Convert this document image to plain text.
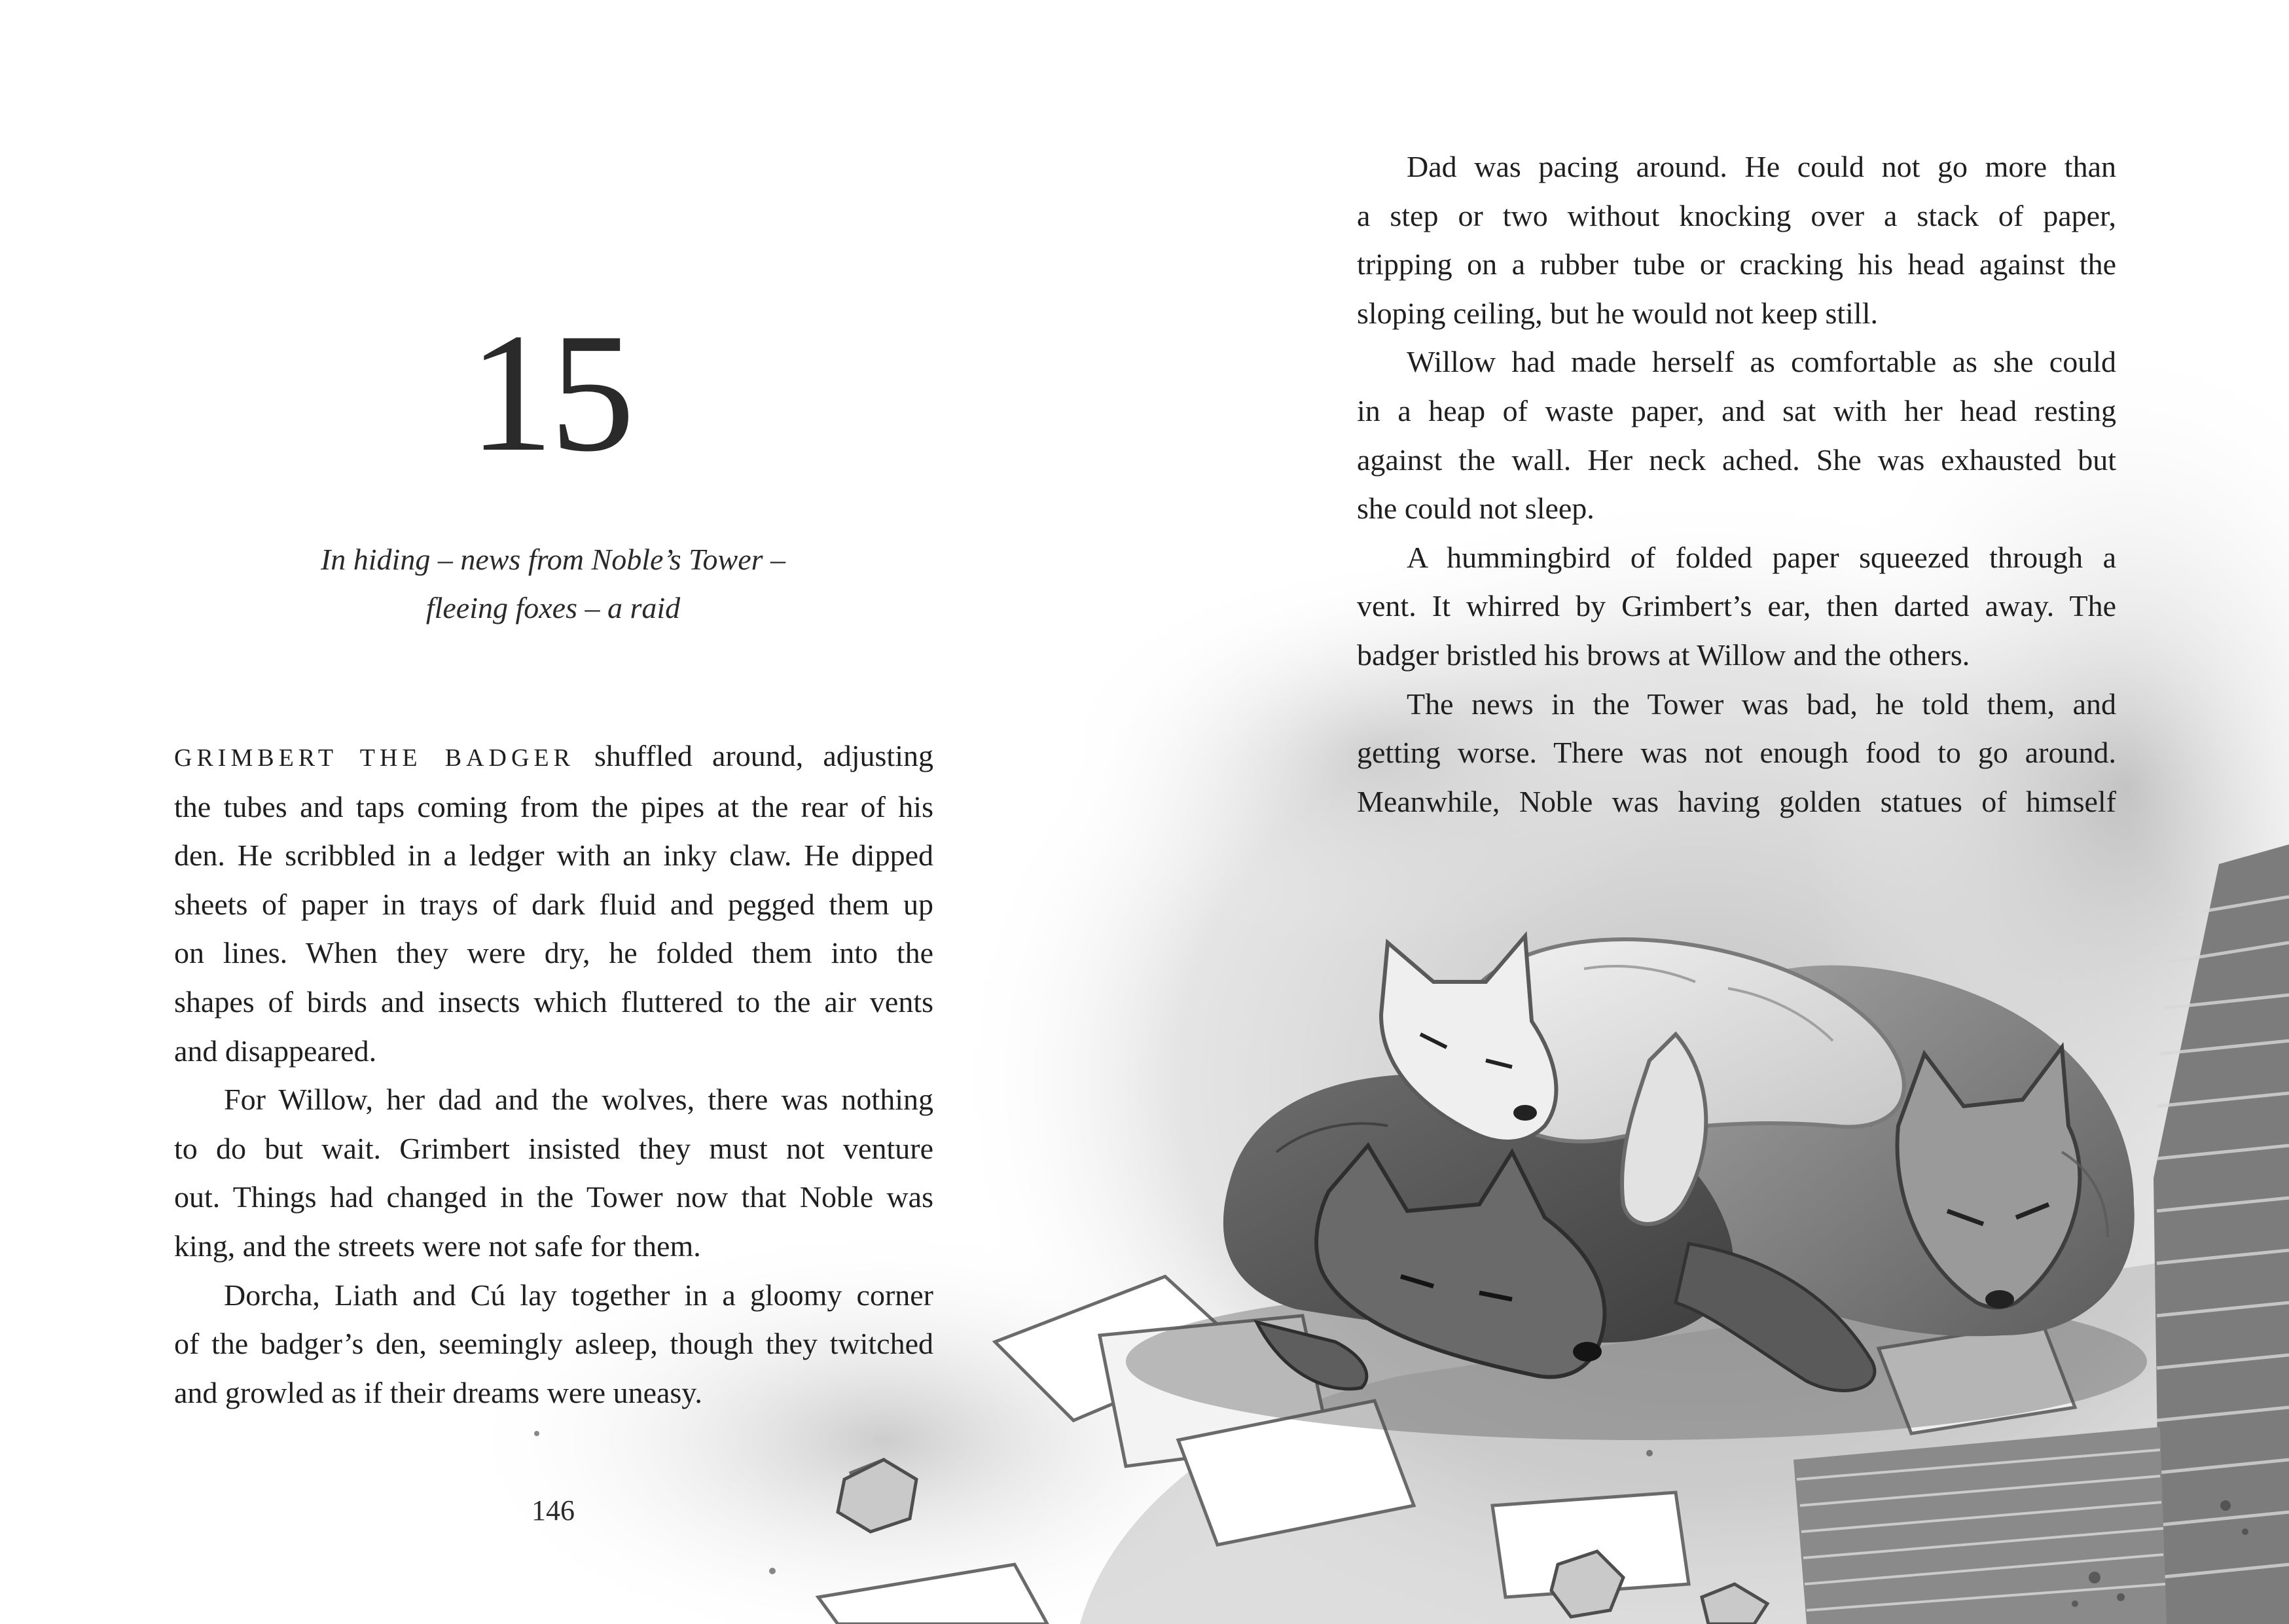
15
In hiding – news from Noble’s Tower –
fleeing foxes – a raid

GRIMBERT THE BADGER shuffled around, adjusting
the tubes and taps coming from the pipes at the rear of his
den. He scribbled in a ledger with an inky claw. He dipped
sheets of paper in trays of dark fluid and pegged them up
on lines. When they were dry, he folded them into the
shapes of birds and insects which fluttered to the air vents
and disappeared.

For Willow, her dad and the wolves, there was nothing
to do but wait. Grimbert insisted they must not venture
out. Things had changed in the Tower now that Noble was
king, and the streets were not safe for them.

Dorcha, Liath and Cú lay together in a gloomy corner
of the badger’s den, seemingly asleep, though they twitched
and growled as if their dreams were uneasy.

146

Dad was pacing around. He could not go more than
a step or two without knocking over a stack of paper,
tripping on a rubber tube or cracking his head against the
sloping ceiling, but he would not keep still.

Willow had made herself as comfortable as she could
in a heap of waste paper, and sat with her head resting
against the wall. Her neck ached. She was exhausted but
she could not sleep.

A hummingbird of folded paper squeezed through a
vent. It whirred by Grimbert’s ear, then darted away. The
badger bristled his brows at Willow and the others.

The news in the Tower was bad, he told them, and
getting worse. There was not enough food to go around.
Meanwhile, Noble was having golden statues of himself
